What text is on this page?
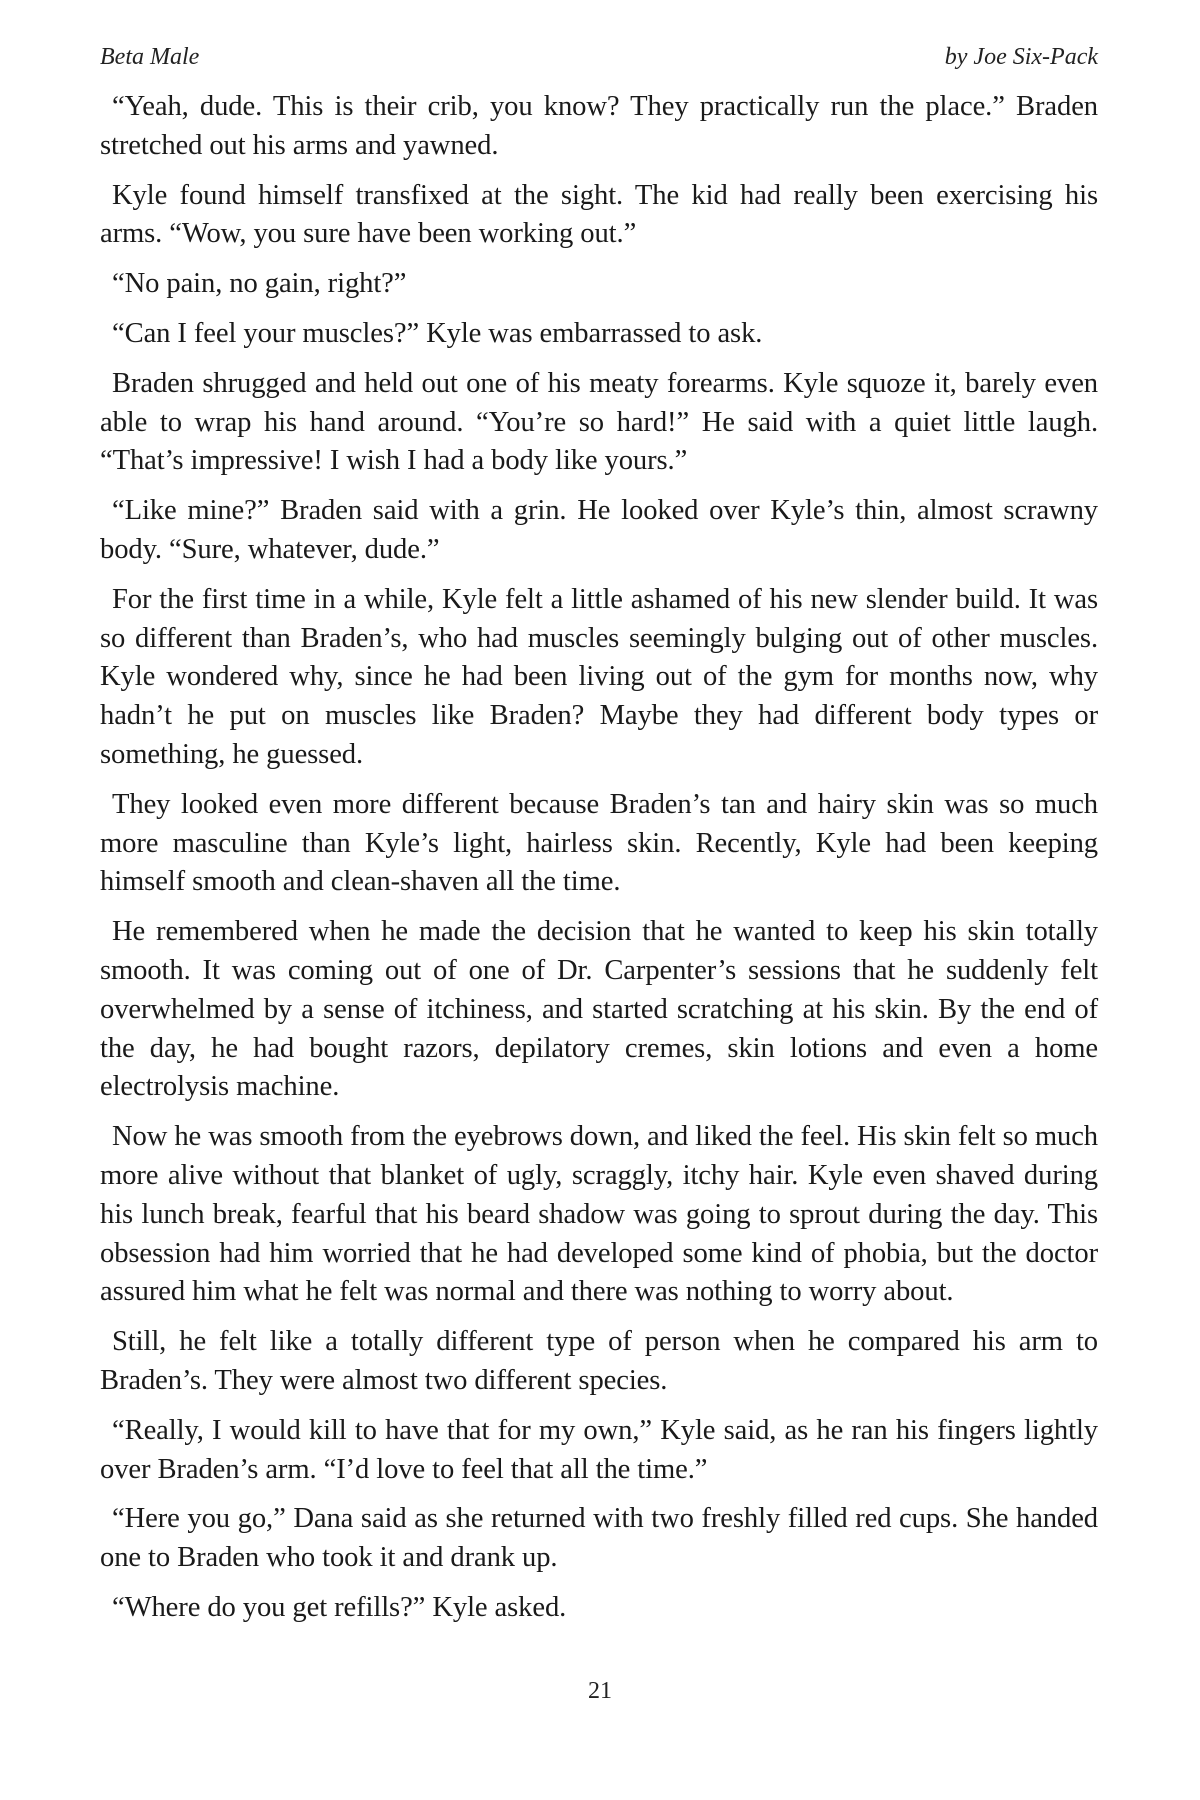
Beta Male	by Joe Six-Pack

“Yeah, dude. This is their crib, you know? They practically run the place.” Braden stretched out his arms and yawned.

Kyle found himself transfixed at the sight. The kid had really been exercising his arms. “Wow, you sure have been working out.”

“No pain, no gain, right?”

“Can I feel your muscles?” Kyle was embarrassed to ask.

Braden shrugged and held out one of his meaty forearms. Kyle squoze it, barely even able to wrap his hand around. “You’re so hard!” He said with a quiet little laugh. “That’s impressive! I wish I had a body like yours.”

“Like mine?” Braden said with a grin. He looked over Kyle’s thin, almost scrawny body. “Sure, whatever, dude.”

For the first time in a while, Kyle felt a little ashamed of his new slender build. It was so different than Braden’s, who had muscles seemingly bulging out of other muscles. Kyle wondered why, since he had been living out of the gym for months now, why hadn’t he put on muscles like Braden? Maybe they had different body types or something, he guessed.

They looked even more different because Braden’s tan and hairy skin was so much more masculine than Kyle’s light, hairless skin. Recently, Kyle had been keeping himself smooth and clean-shaven all the time.

He remembered when he made the decision that he wanted to keep his skin totally smooth. It was coming out of one of Dr. Carpenter’s sessions that he suddenly felt overwhelmed by a sense of itchiness, and started scratching at his skin. By the end of the day, he had bought razors, depilatory cremes, skin lotions and even a home electrolysis machine.

Now he was smooth from the eyebrows down, and liked the feel. His skin felt so much more alive without that blanket of ugly, scraggly, itchy hair. Kyle even shaved during his lunch break, fearful that his beard shadow was going to sprout during the day. This obsession had him worried that he had developed some kind of phobia, but the doctor assured him what he felt was normal and there was nothing to worry about.

Still, he felt like a totally different type of person when he compared his arm to Braden’s. They were almost two different species.

“Really, I would kill to have that for my own,” Kyle said, as he ran his fingers lightly over Braden’s arm. “I’d love to feel that all the time.”

“Here you go,” Dana said as she returned with two freshly filled red cups. She handed one to Braden who took it and drank up.

“Where do you get refills?” Kyle asked.

21
